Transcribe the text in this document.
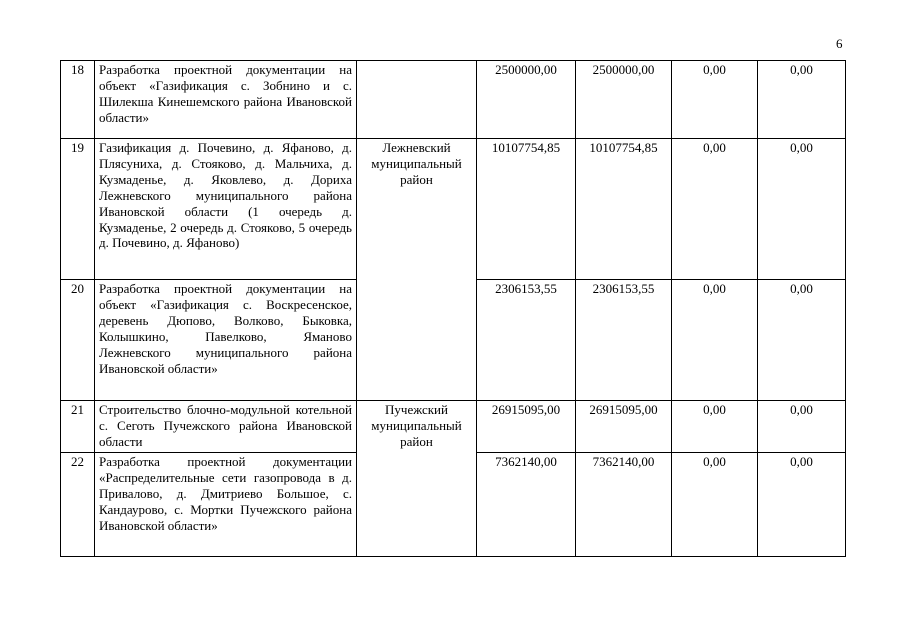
6
18	Разработка проектной документации на объект «Газификация с. Зобнино и с. Шилекша Кинешемского района Ивановской области»		2500000,00	2500000,00	0,00	0,00
19	Газификация д. Почевино, д. Яфаново, д. Плясуниха, д. Стояково, д. Мальчиха, д. Кузмаденье, д. Яковлево, д. Дориха Лежневского муниципального района Ивановской области (1 очередь д. Кузмаденье, 2 очередь д. Стояково, 5 очередь д. Почевино, д. Яфаново)	Лежневский муниципальный район	10107754,85	10107754,85	0,00	0,00
20	Разработка проектной документации на объект «Газификация с. Воскресенское, деревень Дюпово, Волково, Быковка, Колышкино, Павелково, Ямановo Лежневского муниципального района Ивановской области»		2306153,55	2306153,55	0,00	0,00
21	Строительство блочно-модульной котельной с. Сеготь Пучежского района Ивановской области	Пучежский муниципальный район	26915095,00	26915095,00	0,00	0,00
22	Разработка проектной документации «Распределительные сети газопровода в д. Привалово, д. Дмитриево Большое, с. Кандаурово, с. Мортки Пучежского района Ивановской области»		7362140,00	7362140,00	0,00	0,00
